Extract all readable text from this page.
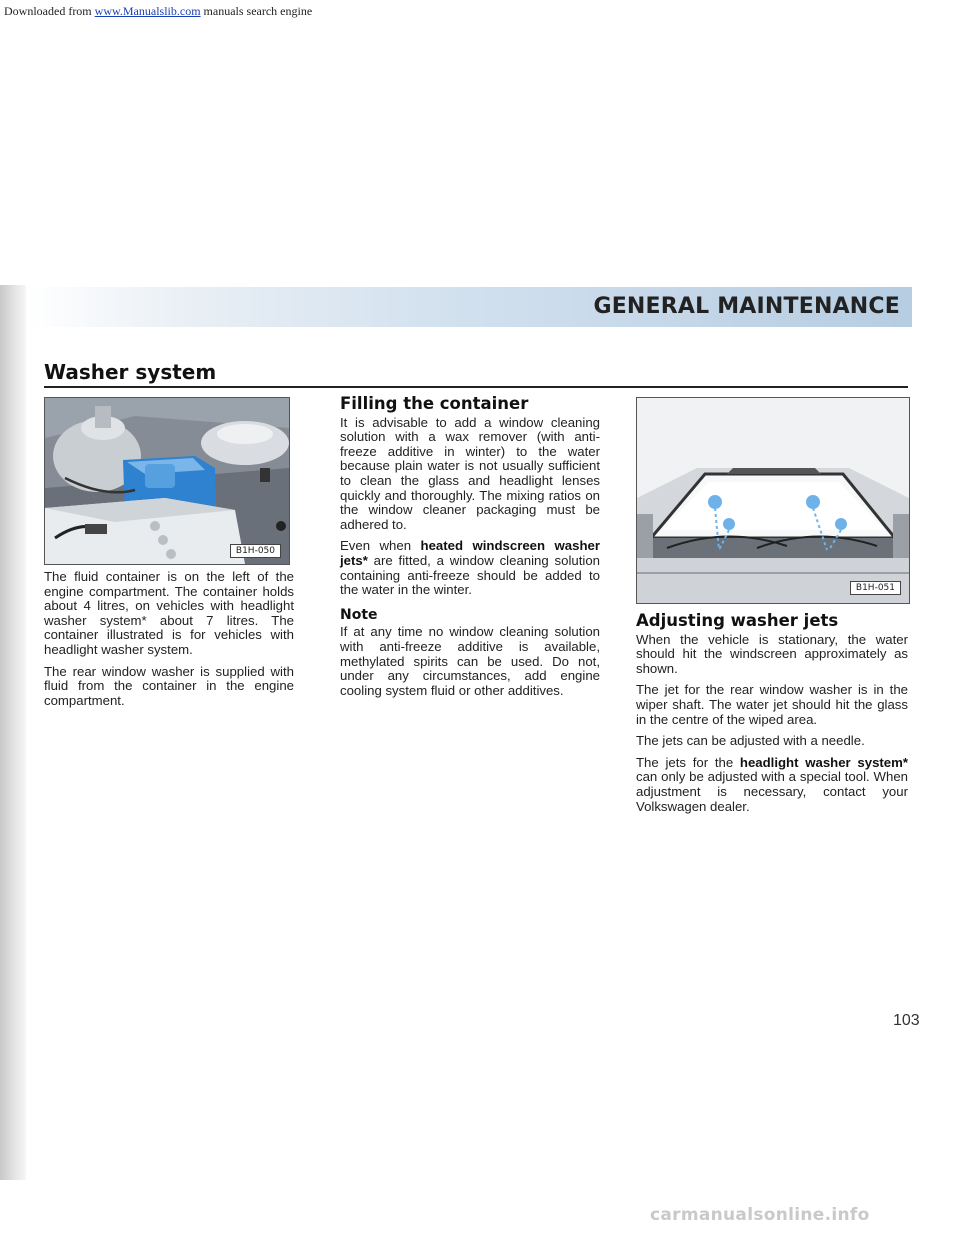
Downloaded from www.Manualslib.com manuals search engine
GENERAL MAINTENANCE
Washer system
B1H-050
B1H-051

The fluid container is on the left of the engine compartment. The container holds about 4 litres, on vehicles with headlight washer system* about 7 litres. The container illustrated is for vehicles with headlight washer system.

The rear window washer is supplied with fluid from the container in the engine compartment.

Filling the container

It is advisable to add a window cleaning solution with a wax remover (with anti-freeze additive in winter) to the water because plain water is not usually sufficient to clean the glass and headlight lenses quickly and thoroughly. The mixing ratios on the window cleaner packaging must be adhered to.

Even when heated windscreen washer jets* are fitted, a window cleaning solution containing anti-freeze should be added to the water in the winter.

Note

If at any time no window cleaning solution with anti-freeze additive is available, methylated spirits can be used. Do not, under any circumstances, add engine cooling system fluid or other additives.

Adjusting washer jets

When the vehicle is stationary, the water should hit the windscreen approximately as shown.

The jet for the rear window washer is in the wiper shaft. The water jet should hit the glass in the centre of the wiped area.

The jets can be adjusted with a needle.

The jets for the headlight washer system* can only be adjusted with a special tool. When adjustment is necessary, contact your Volkswagen dealer.

103
carmanualsonline.info
